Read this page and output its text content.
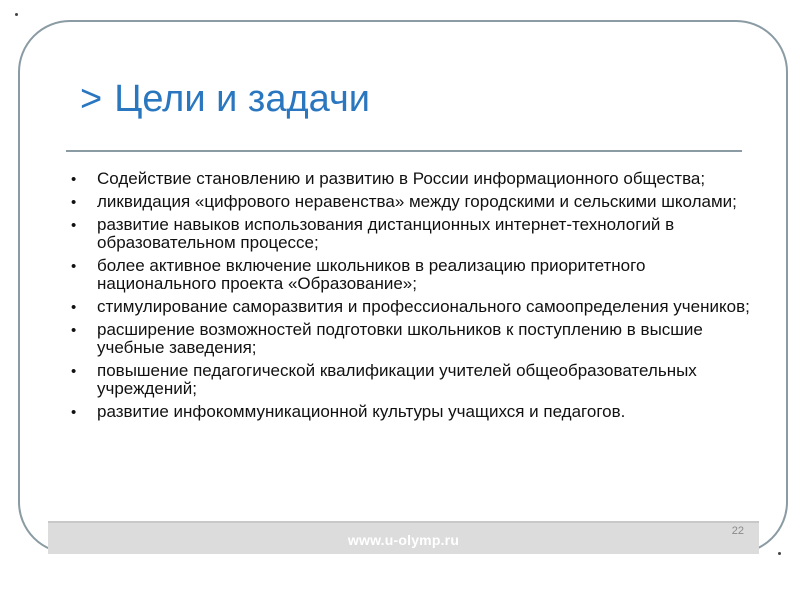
> Цели и задачи
Цели и
• Содействие становлению и развитию в России информационного общества;
• ликвидация «цифрового неравенства» между городскими и сельскими школами;
• развитие навыков использования дистанционных интернет-технологий в образовательном процессе;
• более активное включение школьников в реализацию приоритетного национального проекта «Образование»;
• стимулирование саморазвития и профессионального самоопределения учеников;
• расширение возможностей подготовки школьников к поступлению в высшие учебные заведения;
• повышение педагогической квалификации учителей общеобразовательных учреждений;
• развитие инфокоммуникационной культуры учащихся и педагогов.
www.u-olymp.ru
22
